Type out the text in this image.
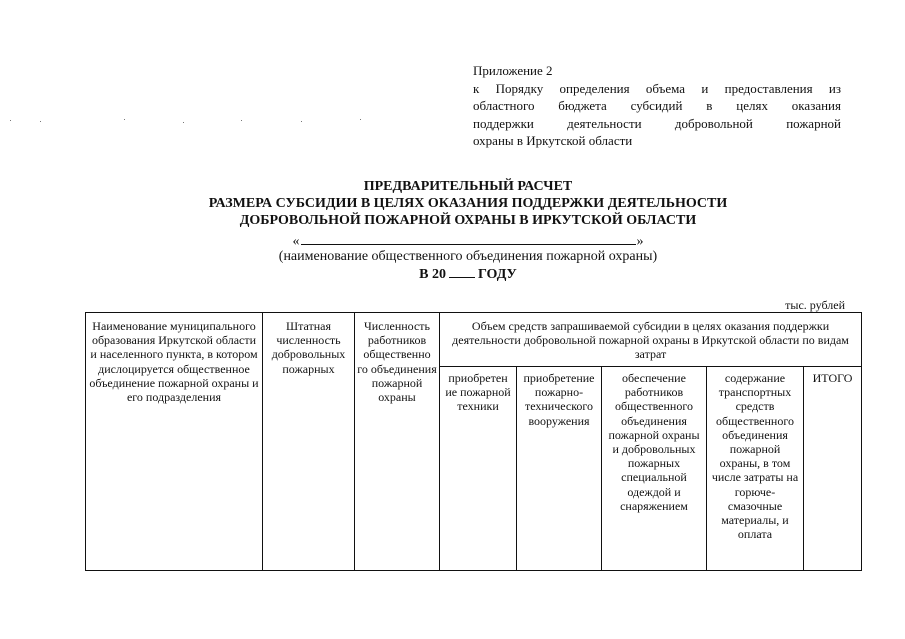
Приложение 2
к Порядку определения объема и предоставления из
областного бюджета субсидий в целях оказания
поддержки деятельности добровольной пожарной
охраны в Иркутской области
ПРЕДВАРИТЕЛЬНЫЙ РАСЧЕТ
РАЗМЕРА СУБСИДИИ В ЦЕЛЯХ ОКАЗАНИЯ ПОДДЕРЖКИ ДЕЯТЕЛЬНОСТИ
ДОБРОВОЛЬНОЙ ПОЖАРНОЙ ОХРАНЫ В ИРКУТСКОЙ ОБЛАСТИ
«	»
(наименование общественного объединения пожарной охраны)
В 20 ГОДУ
тыс. рублей
Наименование муниципального образования Иркутской области и населенного пункта, в котором дислоцируется общественное объединение пожарной охраны и его подразделения	Штатная численность добровольных пожарных	Численность работников общественно го объединения пожарной охраны	Объем средств запрашиваемой субсидии в целях оказания поддержки деятельности добровольной пожарной охраны в Иркутской области по видам затрат				
			приобретен ие пожарной техники	приобретение пожарно-технического вооружения	обеспечение работников общественного объединения пожарной охраны и добровольных пожарных специальной одеждой и снаряжением	содержание транспортных средств общественного объединения пожарной охраны, в том числе затраты на горюче-смазочные материалы, и оплата	ИТОГО
